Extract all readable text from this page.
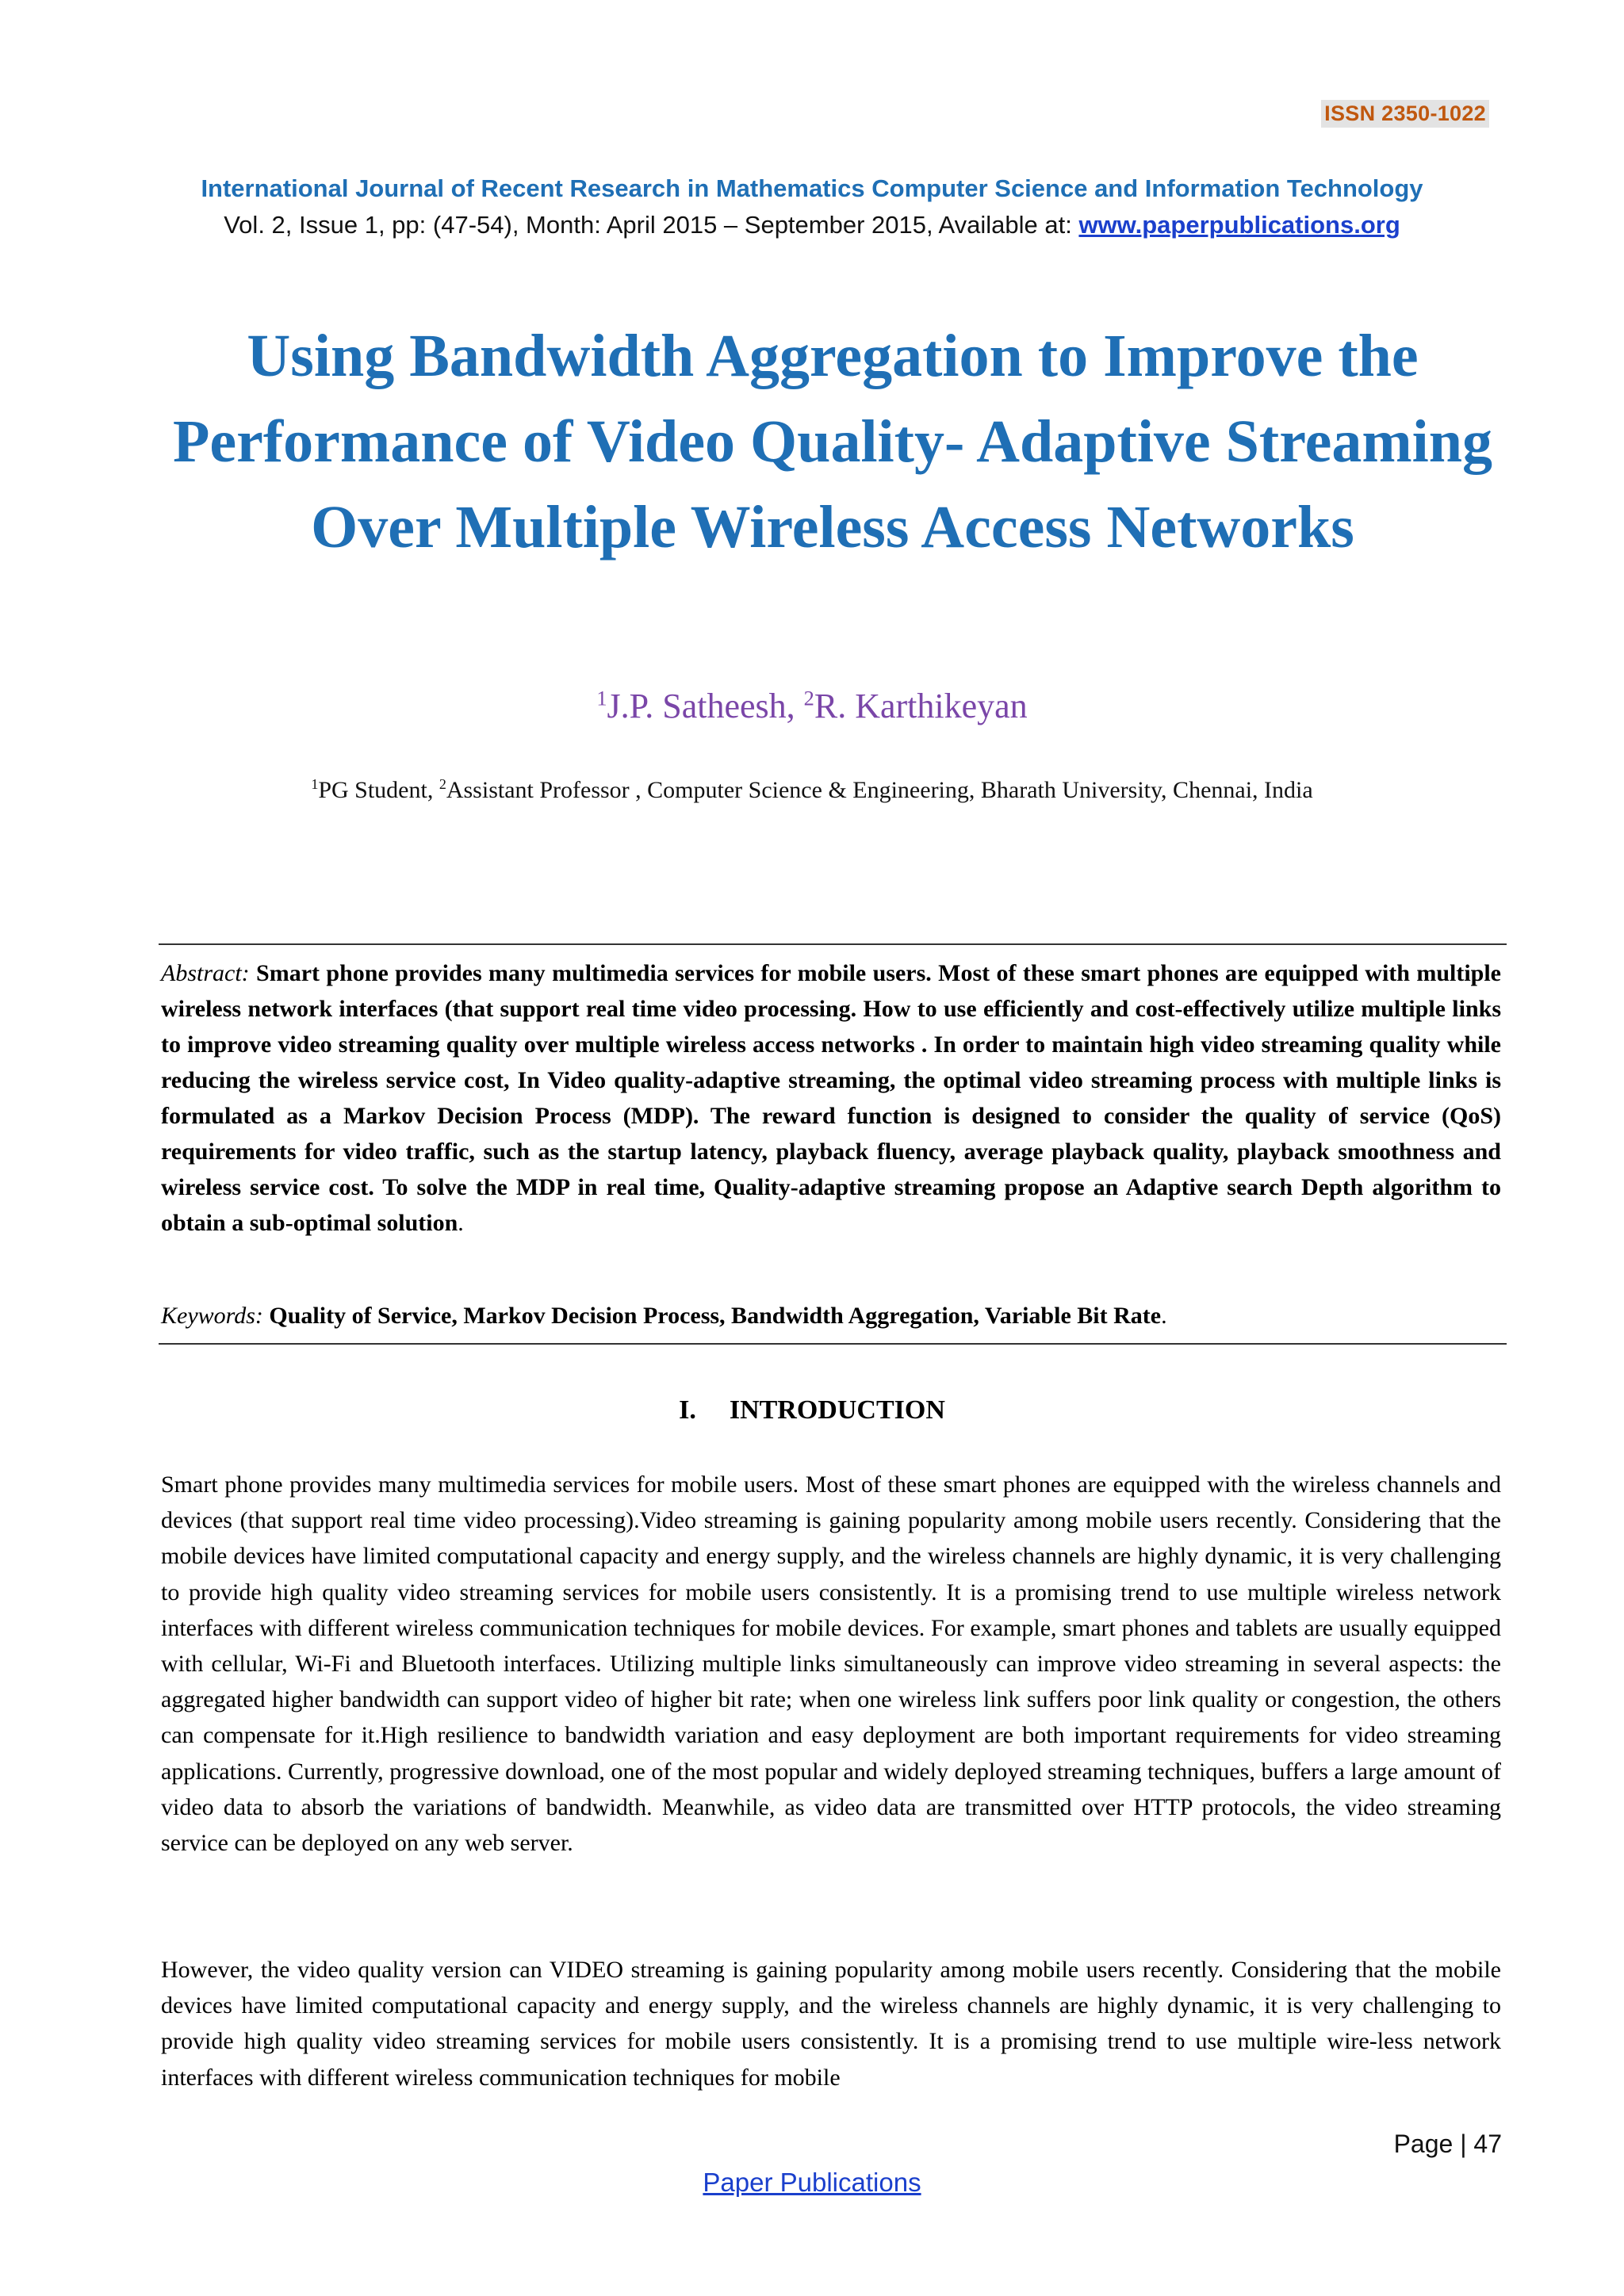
ISSN 2350-1022
International Journal of Recent Research in Mathematics Computer Science and Information Technology
Vol. 2, Issue 1, pp: (47-54), Month: April 2015 – September 2015, Available at: www.paperpublications.org
Using Bandwidth Aggregation to Improve the Performance of Video Quality- Adaptive Streaming Over Multiple Wireless Access Networks
$^1$J.P. Satheesh, $^2$R. Karthikeyan
$^1$PG Student, $^2$Assistant Professor , Computer Science & Engineering, Bharath University, Chennai, India

Abstract: Smart phone provides many multimedia services for mobile users. Most of these smart phones are equipped with multiple wireless network interfaces (that support real time video processing. How to use efficiently and cost-effectively utilize multiple links to improve video streaming quality over multiple wireless access networks . In order to maintain high video streaming quality while reducing the wireless service cost, In Video quality-adaptive streaming, the optimal video streaming process with multiple links is formulated as a Markov Decision Process (MDP). The reward function is designed to consider the quality of service (QoS) requirements for video traffic, such as the startup latency, playback fluency, average playback quality, playback smoothness and wireless service cost. To solve the MDP in real time, Quality-adaptive streaming propose an Adaptive search Depth algorithm to obtain a sub-optimal solution.

Keywords: Quality of Service, Markov Decision Process, Bandwidth Aggregation, Variable Bit Rate.

I. INTRODUCTION

Smart phone provides many multimedia services for mobile users. Most of these smart phones are equipped with the wireless channels and devices (that support real time video processing).Video streaming is gaining popularity among mobile users recently. Considering that the mobile devices have limited computational capacity and energy supply, and the wireless channels are highly dynamic, it is very challenging to provide high quality video streaming services for mobile users consistently. It is a promising trend to use multiple wireless network interfaces with different wireless communication techniques for mobile devices. For example, smart phones and tablets are usually equipped with cellular, Wi-Fi and Bluetooth interfaces. Utilizing multiple links simultaneously can improve video streaming in several aspects: the aggregated higher bandwidth can support video of higher bit rate; when one wireless link suffers poor link quality or congestion, the others can compensate for it.High resilience to bandwidth variation and easy deployment are both important requirements for video streaming applications. Currently, progressive download, one of the most popular and widely deployed streaming techniques, buffers a large amount of video data to absorb the variations of bandwidth. Meanwhile, as video data are transmitted over HTTP protocols, the video streaming service can be deployed on any web server.

However, the video quality version can VIDEO streaming is gaining popularity among mobile users recently. Considering that the mobile devices have limited computational capacity and energy supply, and the wireless channels are highly dynamic, it is very challenging to provide high quality video streaming services for mobile users consistently. It is a promising trend to use multiple wire-less network interfaces with different wireless communication techniques for mobile

Page | 47
Paper Publications
